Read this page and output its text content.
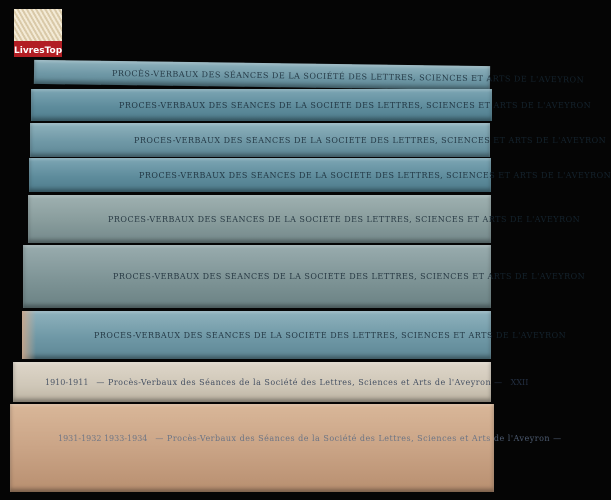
LivresTop
PROCÈS-VERBAUX DES SÉANCES DE LA SOCIÉTÉ DES LETTRES, SCIENCES ET ARTS DE L'AVEYRON
PROCÈS-VERBAUX DES SÉANCES DE LA SOCIÉTÉ DES LETTRES, SCIENCES ET ARTS DE L'AVEYRON
PROCÈS-VERBAUX DES SÉANCES DE LA SOCIÉTÉ DES LETTRES, SCIENCES ET ARTS DE L'AVEYRON
PROCÈS-VERBAUX DES SÉANCES DE LA SOCIÉTÉ DES LETTRES, SCIENCES ET ARTS DE L'AVEYRON
PROCÈS-VERBAUX DES SÉANCES DE LA SOCIÉTÉ DES LETTRES, SCIENCES ET ARTS DE L'AVEYRON
PROCÈS-VERBAUX DES SÉANCES DE LA SOCIÉTÉ DES LETTRES, SCIENCES ET ARTS DE L'AVEYRON
PROCÈS-VERBAUX DES SÉANCES DE LA SOCIÉTÉ DES LETTRES, SCIENCES ET ARTS DE L'AVEYRON
1910-1911 — Procès-Verbaux des Séances de la Société des Lettres, Sciences et Arts de l'Aveyron — XXII
1931-1932 1933-1934 — Procès-Verbaux des Séances de la Société des Lettres, Sciences et Arts de l'Aveyron —
